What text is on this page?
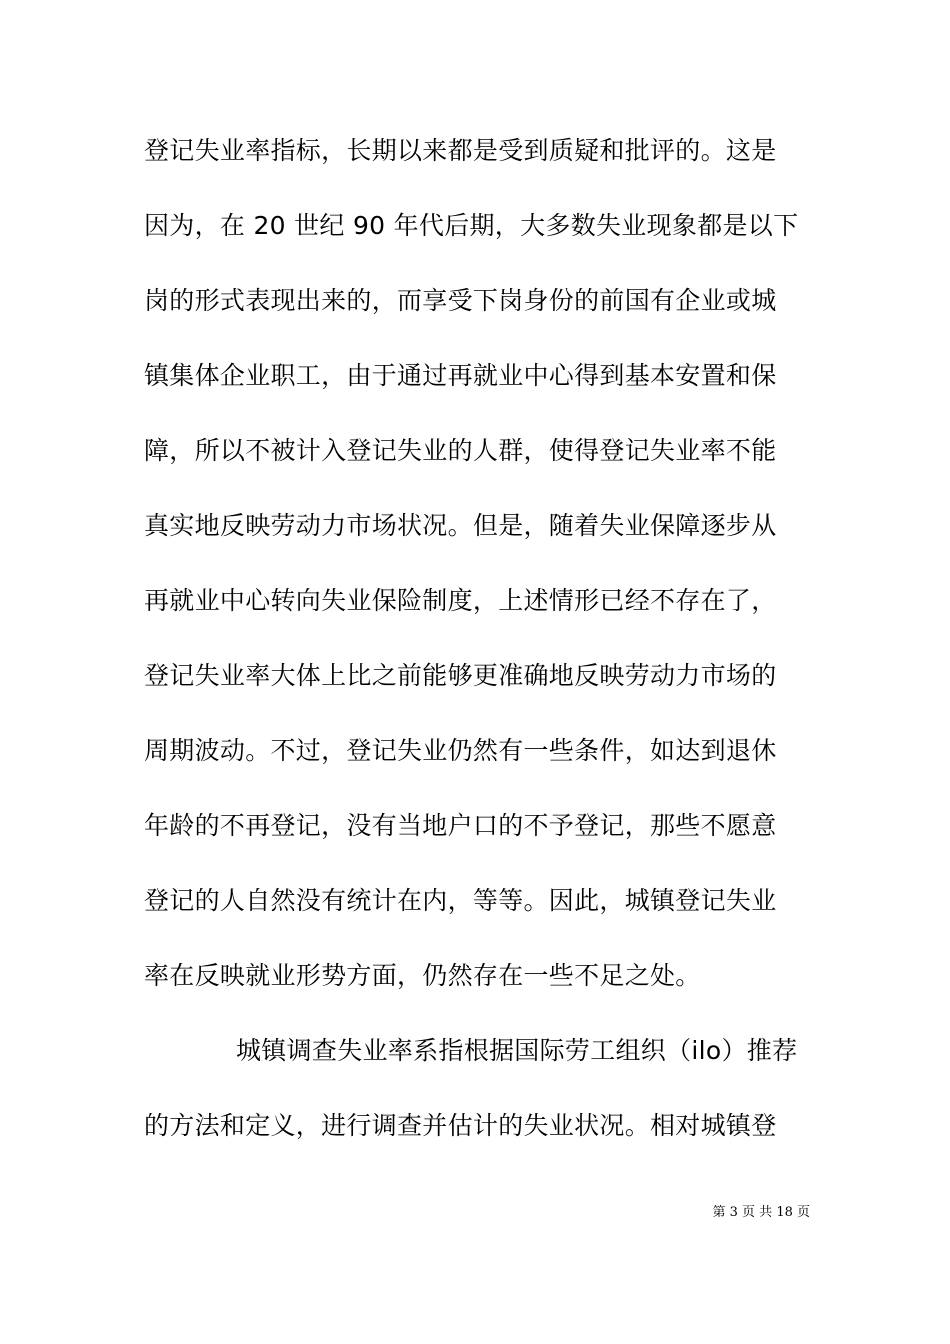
登记失业率指标，长期以来都是受到质疑和批评的。这是
因为，在 20 世纪 90 年代后期，大多数失业现象都是以下
岗的形式表现出来的，而享受下岗身份的前国有企业或城
镇集体企业职工，由于通过再就业中心得到基本安置和保
障，所以不被计入登记失业的人群，使得登记失业率不能
真实地反映劳动力市场状况。但是，随着失业保障逐步从
再就业中心转向失业保险制度，上述情形已经不存在了，
登记失业率大体上比之前能够更准确地反映劳动力市场的
周期波动。不过，登记失业仍然有一些条件，如达到退休
年龄的不再登记，没有当地户口的不予登记，那些不愿意
登记的人自然没有统计在内，等等。因此，城镇登记失业
率在反映就业形势方面，仍然存在一些不足之处。
城镇调查失业率系指根据国际劳工组织（ilo）推荐
的方法和定义，进行调查并估计的失业状况。相对城镇登
第 3 页 共 18 页
